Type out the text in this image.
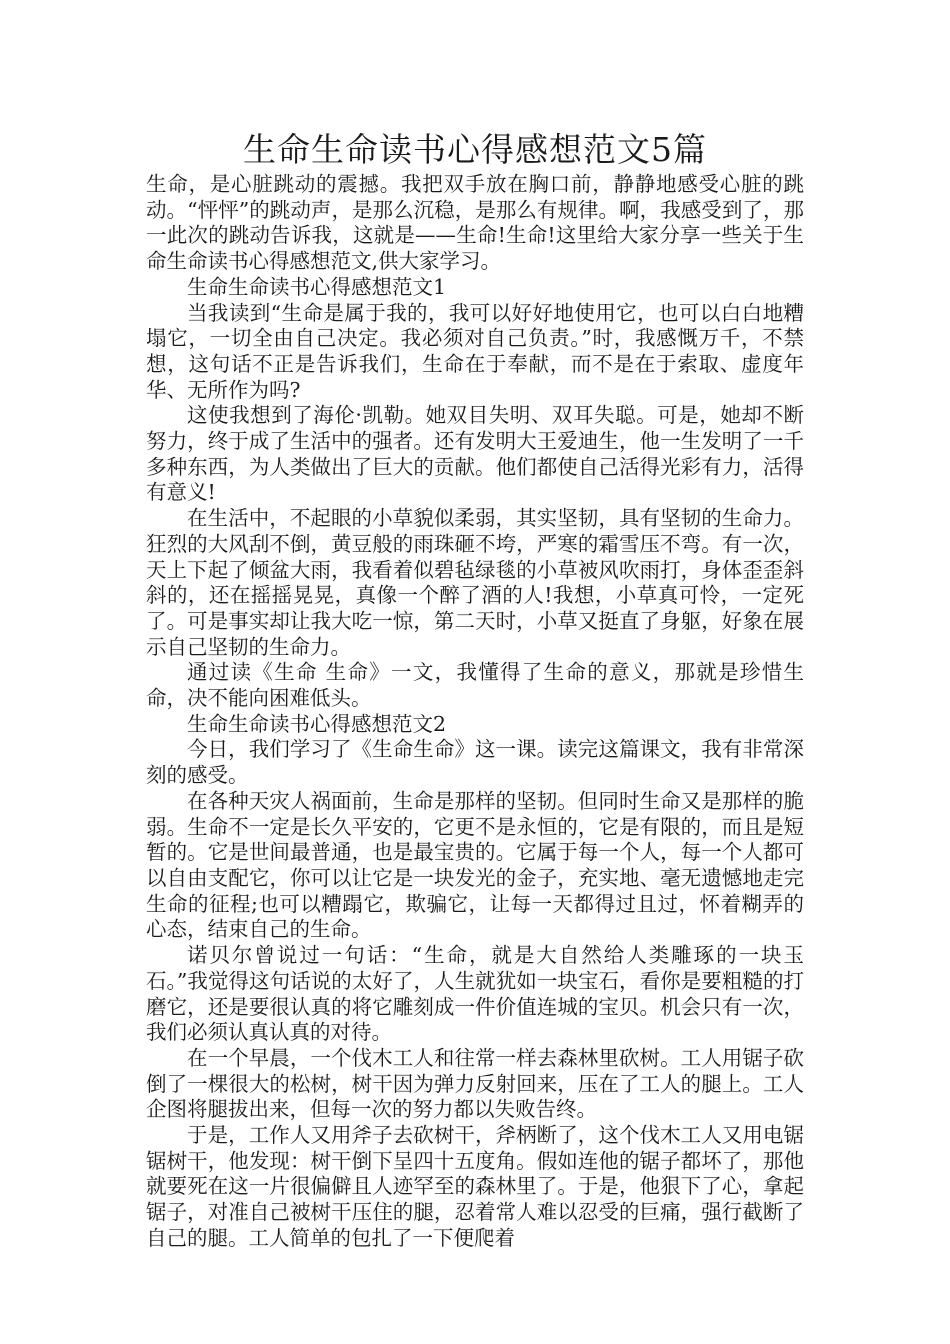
生命生命读书心得感想范文5篇

生命，是心脏跳动的震撼。我把双手放在胸口前，静静地感受心脏的跳动。“怦怦”的跳动声，是那么沉稳，是那么有规律。啊，我感受到了，那一此次的跳动告诉我，这就是——生命!生命!这里给大家分享一些关于生命生命读书心得感想范文,供大家学习。

生命生命读书心得感想范文1

当我读到“生命是属于我的，我可以好好地使用它，也可以白白地糟塌它，一切全由自己决定。我必须对自己负责。”时，我感慨万千，不禁想，这句话不正是告诉我们，生命在于奉献，而不是在于索取、虚度年华、无所作为吗?

这使我想到了海伦·凯勒。她双目失明、双耳失聪。可是，她却不断努力，终于成了生活中的强者。还有发明大王爱迪生，他一生发明了一千多种东西，为人类做出了巨大的贡献。他们都使自己活得光彩有力，活得有意义!

在生活中，不起眼的小草貌似柔弱，其实坚韧，具有坚韧的生命力。狂烈的大风刮不倒，黄豆般的雨珠砸不垮，严寒的霜雪压不弯。有一次，天上下起了倾盆大雨，我看着似碧毡绿毯的小草被风吹雨打，身体歪歪斜斜的，还在摇摇晃晃，真像一个醉了酒的人!我想，小草真可怜，一定死了。可是事实却让我大吃一惊，第二天时，小草又挺直了身躯，好象在展示自己坚韧的生命力。

通过读《生命 生命》一文，我懂得了生命的意义，那就是珍惜生命，决不能向困难低头。

生命生命读书心得感想范文2

今日，我们学习了《生命生命》这一课。读完这篇课文，我有非常深刻的感受。

在各种天灾人祸面前，生命是那样的坚韧。但同时生命又是那样的脆弱。生命不一定是长久平安的，它更不是永恒的，它是有限的，而且是短暂的。它是世间最普通，也是最宝贵的。它属于每一个人，每一个人都可以自由支配它，你可以让它是一块发光的金子，充实地、毫无遗憾地走完生命的征程;也可以糟蹋它，欺骗它，让每一天都得过且过，怀着糊弄的心态，结束自己的生命。

诺贝尔曾说过一句话：“生命，就是大自然给人类雕琢的一块玉石。”我觉得这句话说的太好了，人生就犹如一块宝石，看你是要粗糙的打磨它，还是要很认真的将它雕刻成一件价值连城的宝贝。机会只有一次，我们必须认真认真的对待。

在一个早晨，一个伐木工人和往常一样去森林里砍树。工人用锯子砍倒了一棵很大的松树，树干因为弹力反射回来，压在了工人的腿上。工人企图将腿拔出来，但每一次的努力都以失败告终。

于是，工作人又用斧子去砍树干，斧柄断了，这个伐木工人又用电锯锯树干，他发现：树干倒下呈四十五度角。假如连他的锯子都坏了，那他就要死在这一片很偏僻且人迹罕至的森林里了。于是，他狠下了心，拿起锯子，对准自己被树干压住的腿，忍着常人难以忍受的巨痛，强行截断了自己的腿。工人简单的包扎了一下便爬着
